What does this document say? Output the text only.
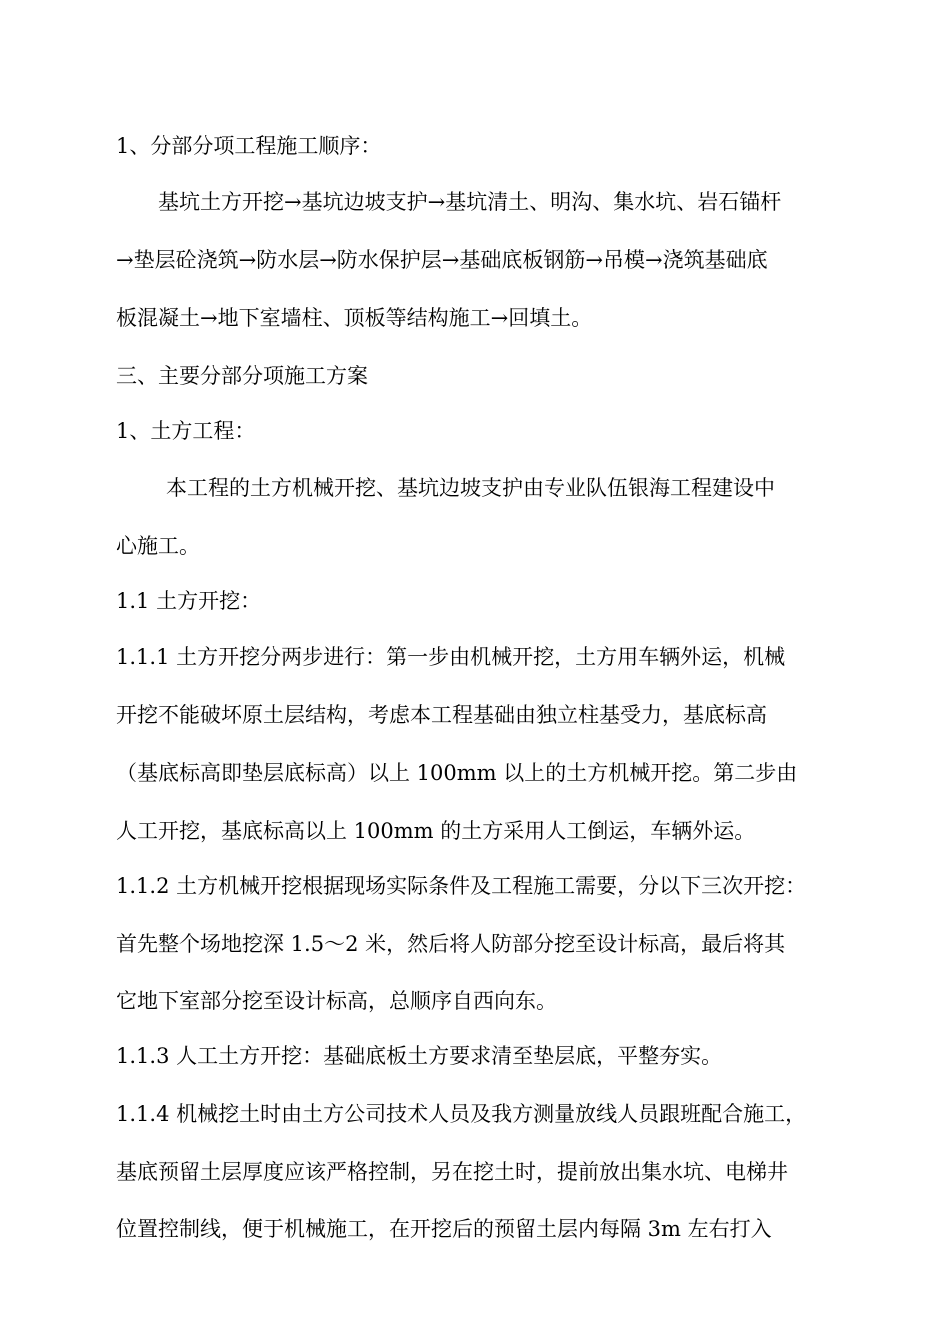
1、分部分项工程施工顺序：
基坑土方开挖→基坑边坡支护→基坑清土、明沟、集水坑、岩石锚杆
→垫层砼浇筑→防水层→防水保护层→基础底板钢筋→吊模→浇筑基础底
板混凝土→地下室墙柱、顶板等结构施工→回填土。
三、主要分部分项施工方案
1、土方工程：
本工程的土方机械开挖、基坑边坡支护由专业队伍银海工程建设中
心施工。
1.1 土方开挖：
1.1.1 土方开挖分两步进行：第一步由机械开挖，土方用车辆外运，机械
开挖不能破坏原土层结构，考虑本工程基础由独立柱基受力，基底标高
（基底标高即垫层底标高）以上 100mm 以上的土方机械开挖。第二步由
人工开挖，基底标高以上 100mm 的土方采用人工倒运，车辆外运。
1.1.2 土方机械开挖根据现场实际条件及工程施工需要，分以下三次开挖：
首先整个场地挖深 1.5～2 米，然后将人防部分挖至设计标高，最后将其
它地下室部分挖至设计标高，总顺序自西向东。
1.1.3 人工土方开挖：基础底板土方要求清至垫层底，平整夯实。
1.1.4 机械挖土时由土方公司技术人员及我方测量放线人员跟班配合施工，
基底预留土层厚度应该严格控制，另在挖土时，提前放出集水坑、电梯井
位置控制线，便于机械施工，在开挖后的预留土层内每隔 3m 左右打入
